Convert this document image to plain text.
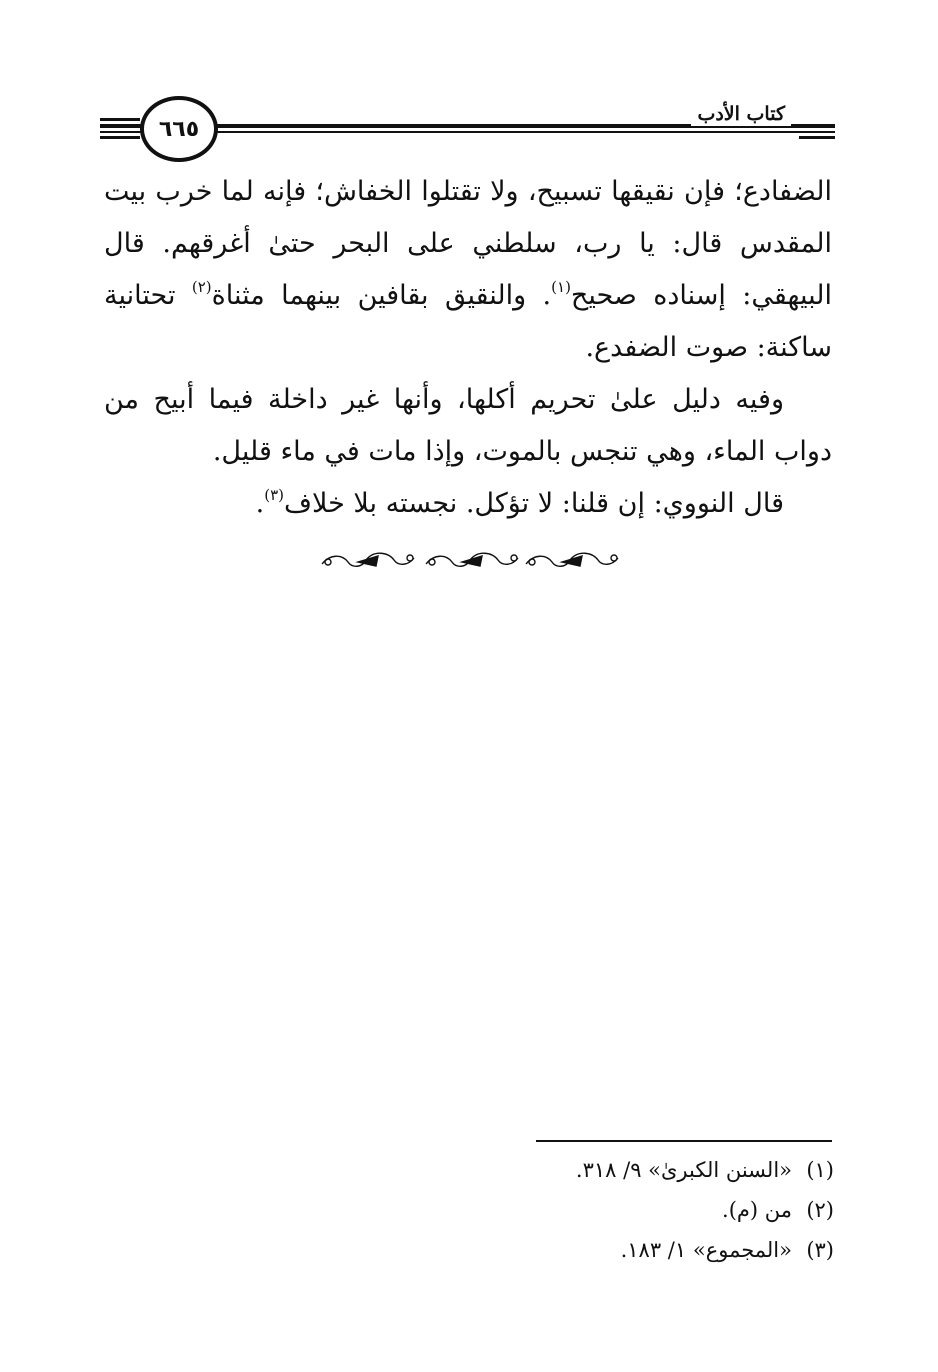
كتاب الأدب
٦٦٥

الضفادع؛ فإن نقيقها تسبيح، ولا تقتلوا الخفاش؛ فإنه لما خرب بيت المقدس قال: يا رب، سلطني على البحر حتىٰ أغرقهم. قال البيهقي: إسناده صحيح$^{(١)}$. والنقيق بقافين بينهما مثناة$^{(٢)}$ تحتانية ساكنة: صوت الضفدع.

وفيه دليل علىٰ تحريم أكلها، وأنها غير داخلة فيما أبيح من دواب الماء، وهي تنجس بالموت، وإذا مات في ماء قليل.

قال النووي: إن قلنا: لا تؤكل. نجسته بلا خلاف$^{(٣)}$.

(١)«السنن الكبرىٰ» ٩/ ٣١٨.

(٢)من (م).

(٣)«المجموع» ١/ ١٨٣.
